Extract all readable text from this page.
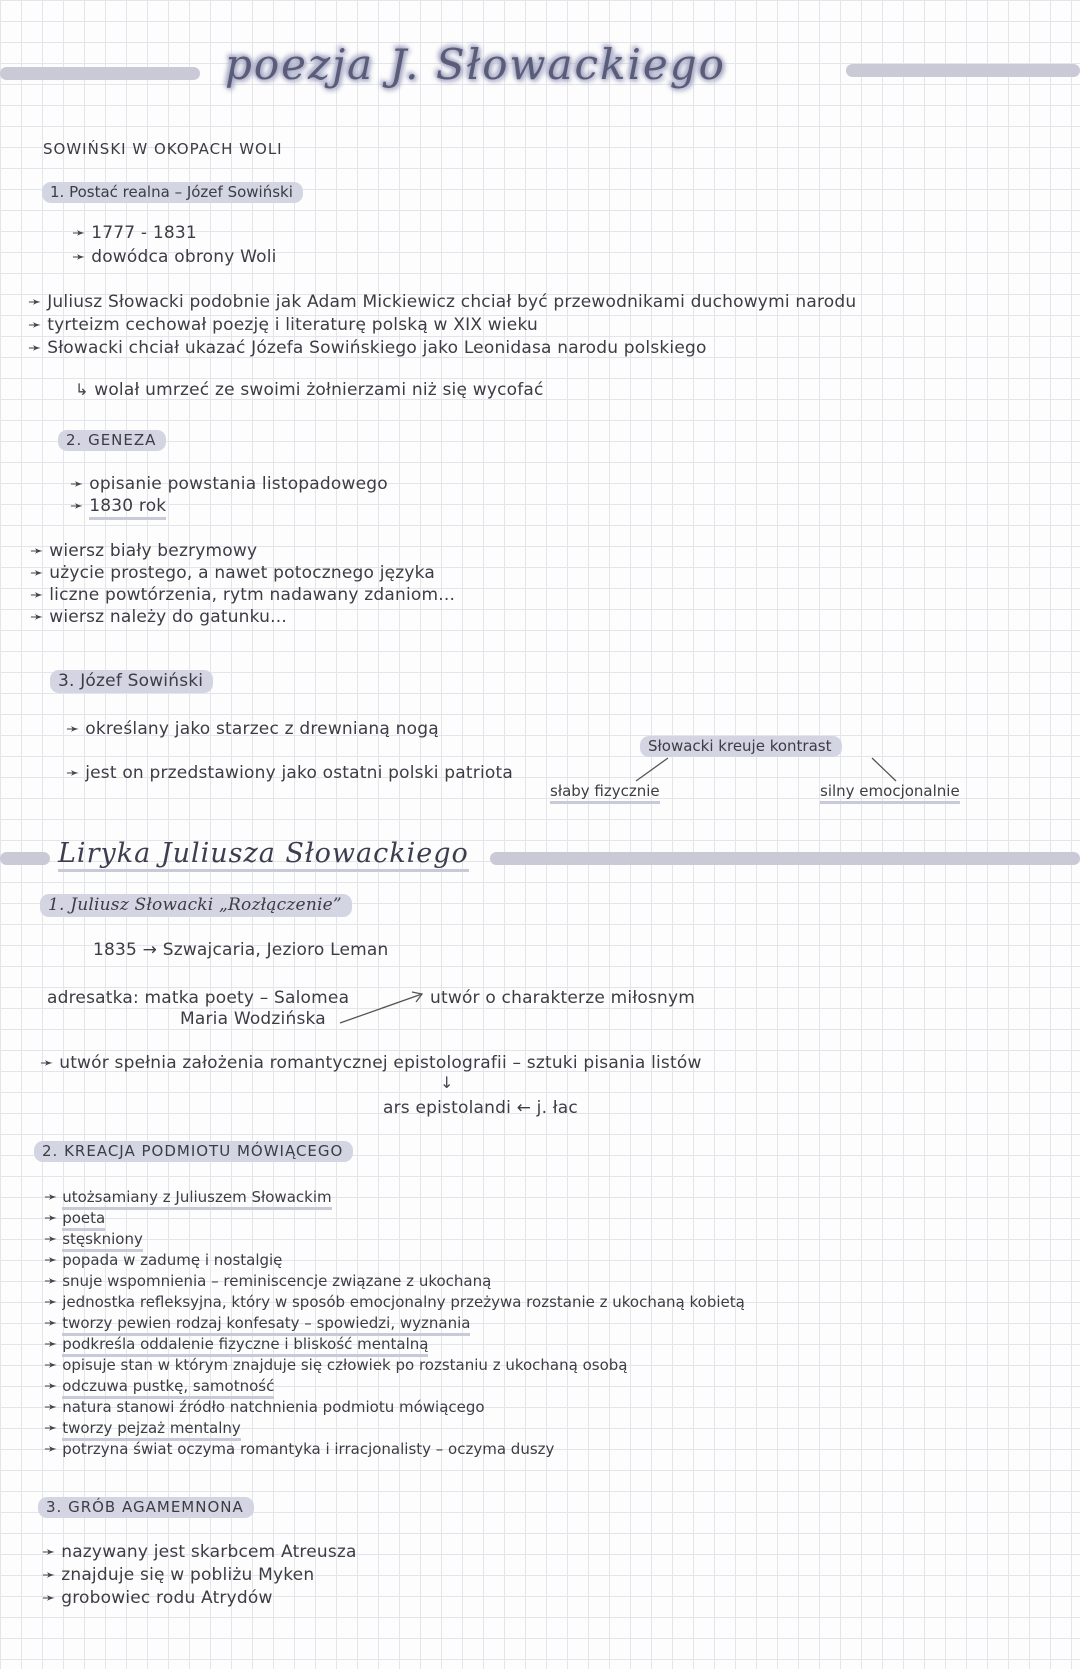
poezja J. Słowackiego
SOWIŃSKI W OKOPACH WOLI
1. Postać realna – Józef Sowiński
➛ 1777 - 1831
➛ dowódca obrony Woli
➛ Juliusz Słowacki podobnie jak Adam Mickiewicz chciał być przewodnikami duchowymi narodu
➛ tyrteizm cechował poezję i literaturę polską w XIX wieku
➛ Słowacki chciał ukazać Józefa Sowińskiego jako Leonidasa narodu polskiego
↳ wolał umrzeć ze swoimi żołnierzami niż się wycofać
2. GENEZA
➛ opisanie powstania listopadowego
➛ 1830 rok
➛ wiersz biały bezrymowy
➛ użycie prostego, a nawet potocznego języka
➛ liczne powtórzenia, rytm nadawany zdaniom...
➛ wiersz należy do gatunku...
3. Józef Sowiński
➛ określany jako starzec z drewnianą nogą
➛ jest on przedstawiony jako ostatni polski patriota
Słowacki kreuje kontrast
słaby fizycznie	silny emocjonalnie
Liryka Juliusza Słowackiego
1. Juliusz Słowacki „Rozłączenie”
1835 → Szwajcaria, Jezioro Leman
adresatka: matka poety – Salomea
Maria Wodzińska
utwór o charakterze miłosnym
➛ utwór spełnia założenia romantycznej epistolografii – sztuki pisania listów
↓
ars epistolandi ← j. łac
2. KREACJA PODMIOTU MÓWIĄCEGO
➛ utożsamiany z Juliuszem Słowackim
➛ poeta
➛ stęskniony
➛ popada w zadumę i nostalgię
➛ snuje wspomnienia – reminiscencje związane z ukochaną
➛ jednostka refleksyjna, który w sposób emocjonalny przeżywa rozstanie z ukochaną kobietą
➛ tworzy pewien rodzaj konfesaty – spowiedzi, wyznania
➛ podkreśla oddalenie fizyczne i bliskość mentalną
➛ opisuje stan w którym znajduje się człowiek po rozstaniu z ukochaną osobą
➛ odczuwa pustkę, samotność
➛ natura stanowi źródło natchnienia podmiotu mówiącego
➛ tworzy pejzaż mentalny
➛ potrzyna świat oczyma romantyka i irracjonalisty – oczyma duszy
3. GRÓB AGAMEMNONA
➛ nazywany jest skarbcem Atreusza
➛ znajduje się w pobliżu Myken
➛ grobowiec rodu Atrydów
